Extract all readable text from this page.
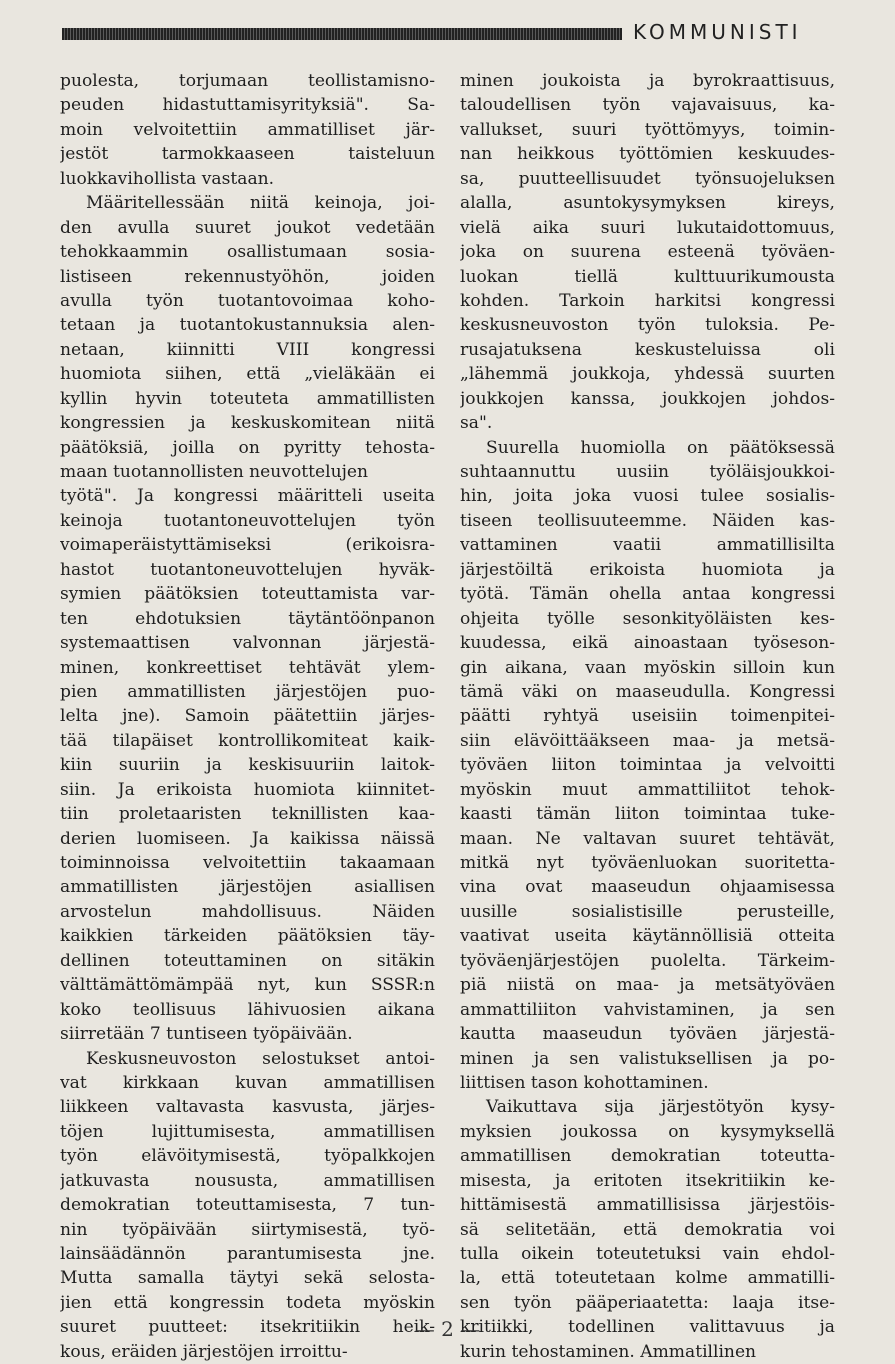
KOMMUNISTI
puolesta, torjumaan teollistamisno-
peuden hidastuttamisyrityksiä". Sa-
moin velvoitettiin ammatilliset jär-
jestöt tarmokkaaseen taisteluun
luokkavihollista vastaan.
Määritellessään niitä keinoja, joi-
den avulla suuret joukot vedetään
tehokkaammin osallistumaan sosia-
listiseen rekennustyöhön, joiden
avulla työn tuotantovoimaa koho-
tetaan ja tuotantokustannuksia alen-
netaan, kiinnitti VIII kongressi
huomiota siihen, että „vieläkään ei
kyllin hyvin toteuteta ammatillisten
kongressien ja keskuskomitean niitä
päätöksiä, joilla on pyritty tehosta-
maan tuotannollisten neuvottelujen
työtä". Ja kongressi määritteli useita
keinoja tuotantoneuvottelujen työn
voimaperäistyttämiseksi (erikoisra-
hastot tuotantoneuvottelujen hyväk-
symien päätöksien toteuttamista var-
ten ehdotuksien täytäntöönpanon
systemaattisen valvonnan järjestä-
minen, konkreettiset tehtävät ylem-
pien ammatillisten järjestöjen puo-
lelta jne). Samoin päätettiin järjes-
tää tilapäiset kontrollikomiteat kaik-
kiin suuriin ja keskisuuriin laitok-
siin. Ja erikoista huomiota kiinnitet-
tiin proletaaristen teknillisten kaa-
derien luomiseen. Ja kaikissa näissä
toiminnoissa velvoitettiin takaamaan
ammatillisten järjestöjen asiallisen
arvostelun mahdollisuus. Näiden
kaikkien tärkeiden päätöksien täy-
dellinen toteuttaminen on sitäkin
välttämättömämpää nyt, kun SSSR:n
koko teollisuus lähivuosien aikana
siirretään 7 tuntiseen työpäivään.
Keskusneuvoston selostukset antoi-
vat kirkkaan kuvan ammatillisen
liikkeen valtavasta kasvusta, järjes-
töjen lujittumisesta, ammatillisen
työn elävöitymisestä, työpalkkojen
jatkuvasta noususta, ammatillisen
demokratian toteuttamisesta, 7 tun-
nin työpäivään siirtymisestä, työ-
lainsäädännön parantumisesta jne.
Mutta samalla täytyi sekä selosta-
jien että kongressin todeta myöskin
suuret puutteet: itsekritiikin heik-
kous, eräiden järjestöjen irroittu-
minen joukoista ja byrokraattisuus,
taloudellisen työn vajavaisuus, ka-
vallukset, suuri työttömyys, toimin-
nan heikkous työttömien keskuudes-
sa, puutteellisuudet työnsuojeluksen
alalla, asuntokysymyksen kireys,
vielä aika suuri lukutaidottomuus,
joka on suurena esteenä työväen-
luokan tiellä kulttuurikumousta
kohden. Tarkoin harkitsi kongressi
keskusneuvoston työn tuloksia. Pe-
rusajatuksena keskusteluissa oli
„lähemmä joukkoja, yhdessä suurten
joukkojen kanssa, joukkojen johdos-
sa".
Suurella huomiolla on päätöksessä
suhtaannuttu uusiin työläisjoukkoi-
hin, joita joka vuosi tulee sosialis-
tiseen teollisuuteemme. Näiden kas-
vattaminen vaatii ammatillisilta
järjestöiltä erikoista huomiota ja
työtä. Tämän ohella antaa kongressi
ohjeita työlle sesonkityöläisten kes-
kuudessa, eikä ainoastaan työseson-
gin aikana, vaan myöskin silloin kun
tämä väki on maaseudulla. Kongressi
päätti ryhtyä useisiin toimenpitei-
siin elävöittääkseen maa- ja metsä-
työväen liiton toimintaa ja velvoitti
myöskin muut ammattiliitot tehok-
kaasti tämän liiton toimintaa tuke-
maan. Ne valtavan suuret tehtävät,
mitkä nyt työväenluokan suoritetta-
vina ovat maaseudun ohjaamisessa
uusille sosialistisille perusteille,
vaativat useita käytännöllisiä otteita
työväenjärjestöjen puolelta. Tärkeim-
piä niistä on maa- ja metsätyöväen
ammattiliiton vahvistaminen, ja sen
kautta maaseudun työväen järjestä-
minen ja sen valistuksellisen ja po-
liittisen tason kohottaminen.
Vaikuttava sija järjestötyön kysy-
myksien joukossa on kysymyksellä
ammatillisen demokratian toteutta-
misesta, ja eritoten itsekritiikin ke-
hittämisestä ammatillisissa järjestöis-
sä selitetään, että demokratia voi
tulla oikein toteutetuksi vain ehdol-
la, että toteutetaan kolme ammatilli-
sen työn pääperiaatetta: laaja itse-
kritiikki, todellinen valittavuus ja
kurin tehostaminen. Ammatillinen
— 2 —
